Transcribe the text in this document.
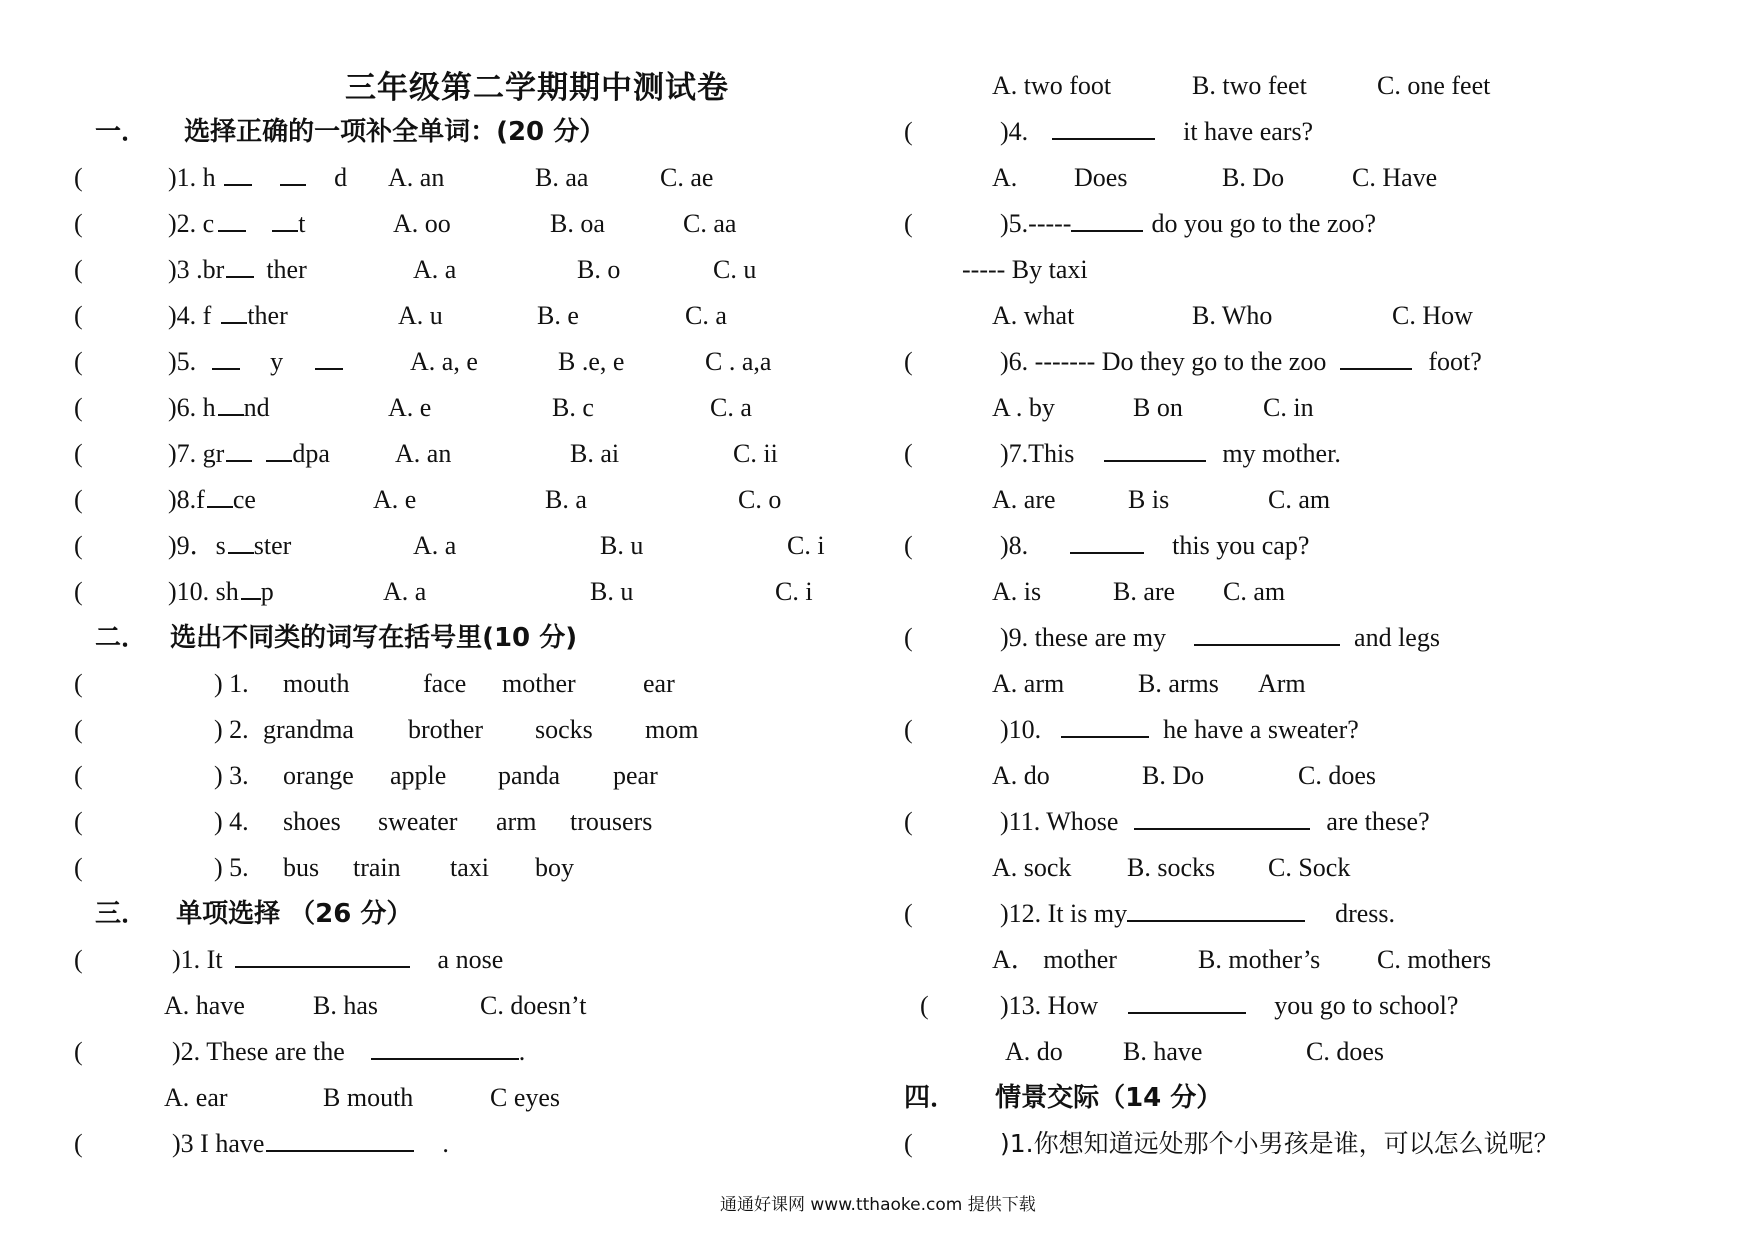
三年级第二学期期中测试卷
一． 选择正确的一项补全单词：(20 分）
(	)1. h	d A. an	B. aa	C. ae
(	)2. c	t	A. oo	B. oa	C. aa
(	)3 .br ther	A. a	B. o	C. u
(	)4. f ther	A. u	B. e	C. a
(	)5.	y	A. a, e	B .e, e	C . a,a
(	)6. h nd	A. e	B. c	C. a
(	)7. gr	dpa	A. an	B. ai	C. ii
(	)8.f ce	A. e	B. a	C. o
(	)9．s ster	A. a	B. u	C. i
(	)10. sh p	A. a	B. u	C. i
二． 选出不同类的词写在括号里(10 分)
(	) 1. mouth	face mother	ear
(	) 2. grandma brother socks mom
(	) 3. orange apple panda pear
(	) 4. shoes sweater arm trousers
(	) 5. bus train taxi boy
三． 单项选择 （26 分）
(	)1. It	a nose
A. have	B. has	C. doesn’t
(	)2. These are the	.
A. ear	B mouth	C eyes
(	)3 I have	.
A. two foot	B. two feet	C. one feet
(	)4.	it have ears?
A. Does	B. Do	C. Have
(	)5.-----	do you go to the zoo?
----- By taxi
A. what	B. Who	C. How
(	)6. ------- Do they go to the zoo	foot?
A . by	B on	C. in
(	)7.This	my mother.
A. are	B is	C. am
(	)8.	this you cap?
A. is	B. are C. am
(	)9. these are my	and legs
A. arm	B. arms Arm
(	)10.	he have a sweater?
A. do	B. Do	C. does
(	)11. Whose	are these?
A. sock B. socks C. Sock
(	)12. It is my	dress.
A． mother	B. mother’s C. mothers
(	)13. How	you go to school?
A. do B. have	C. does
四． 情景交际（14 分）
(	)1.你想知道远处那个小男孩是谁，可以怎么说呢？
通通好课网 www.tthaoke.com 提供下载
